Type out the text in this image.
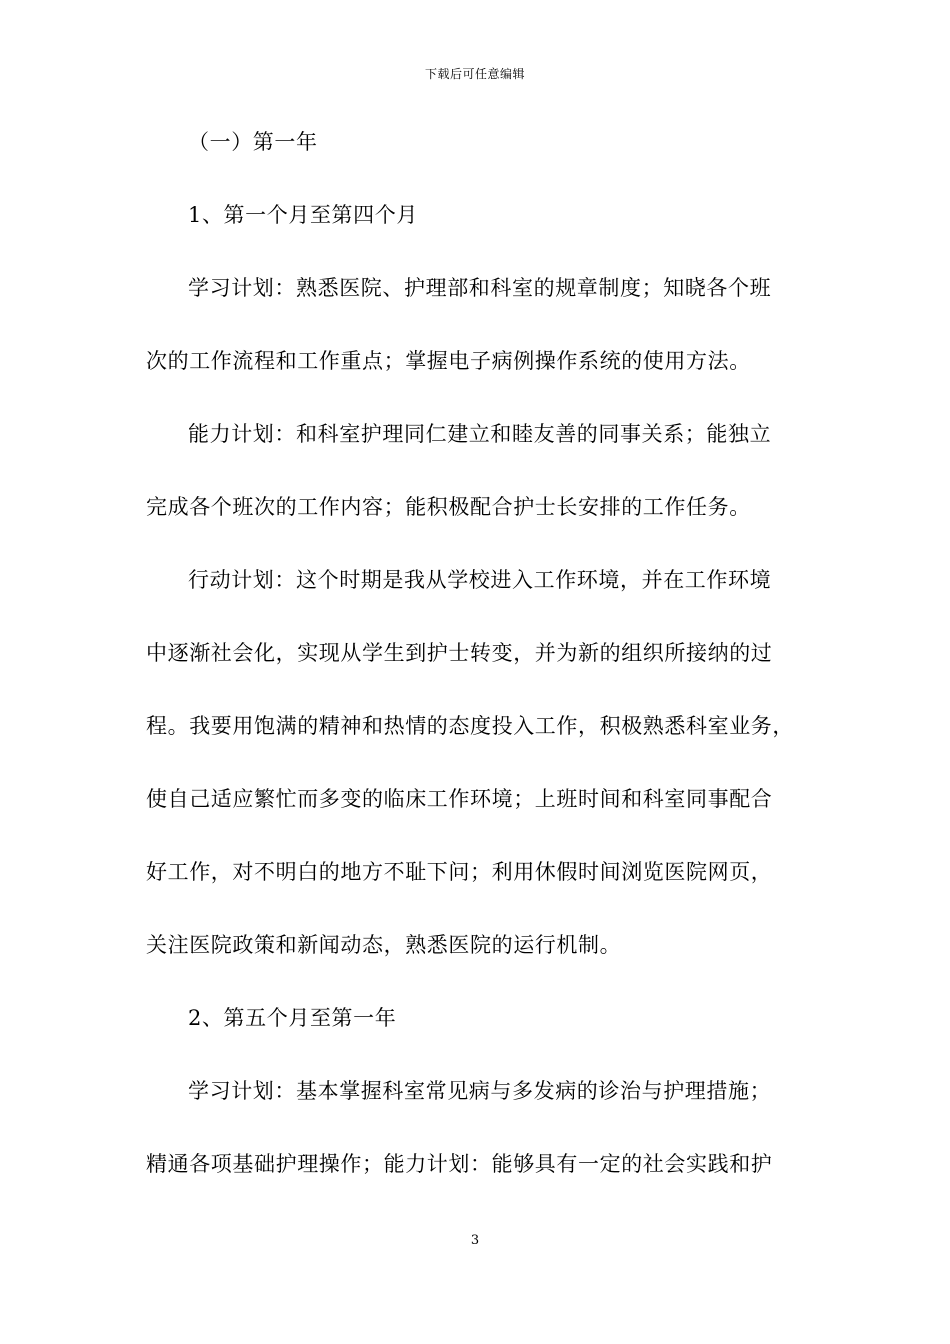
下载后可任意编辑
（一）第一年
1、第一个月至第四个月
学习计划：熟悉医院、护理部和科室的规章制度；知晓各个班
次的工作流程和工作重点；掌握电子病例操作系统的使用方法。
能力计划：和科室护理同仁建立和睦友善的同事关系；能独立
完成各个班次的工作内容；能积极配合护士长安排的工作任务。
行动计划：这个时期是我从学校进入工作环境，并在工作环境
中逐渐社会化，实现从学生到护士转变，并为新的组织所接纳的过
程。我要用饱满的精神和热情的态度投入工作，积极熟悉科室业务，
使自己适应繁忙而多变的临床工作环境；上班时间和科室同事配合
好工作，对不明白的地方不耻下问；利用休假时间浏览医院网页，
关注医院政策和新闻动态，熟悉医院的运行机制。
2、第五个月至第一年
学习计划：基本掌握科室常见病与多发病的诊治与护理措施；
精通各项基础护理操作；能力计划：能够具有一定的社会实践和护
3
